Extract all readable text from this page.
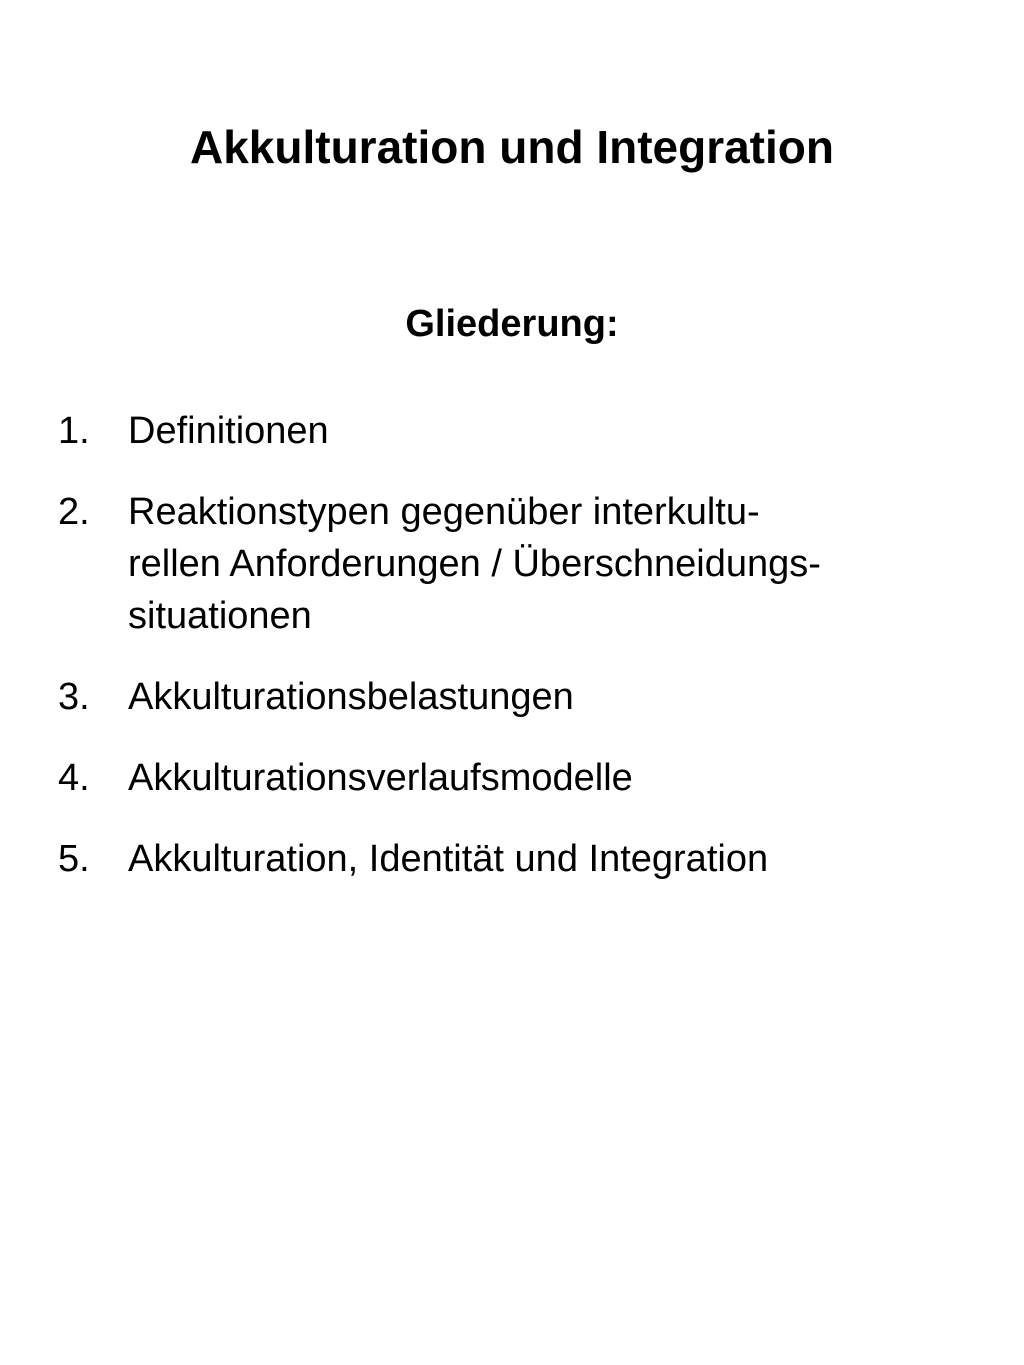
Akkulturation und Integration
Gliederung:
1.	Definitionen
2.	Reaktionstypen gegenüber interkultu-
rellen Anforderungen / Überschneidungs-
situationen
3.	Akkulturationsbelastungen
4.	Akkulturationsverlaufsmodelle
5.	Akkulturation, Identität und Integration
